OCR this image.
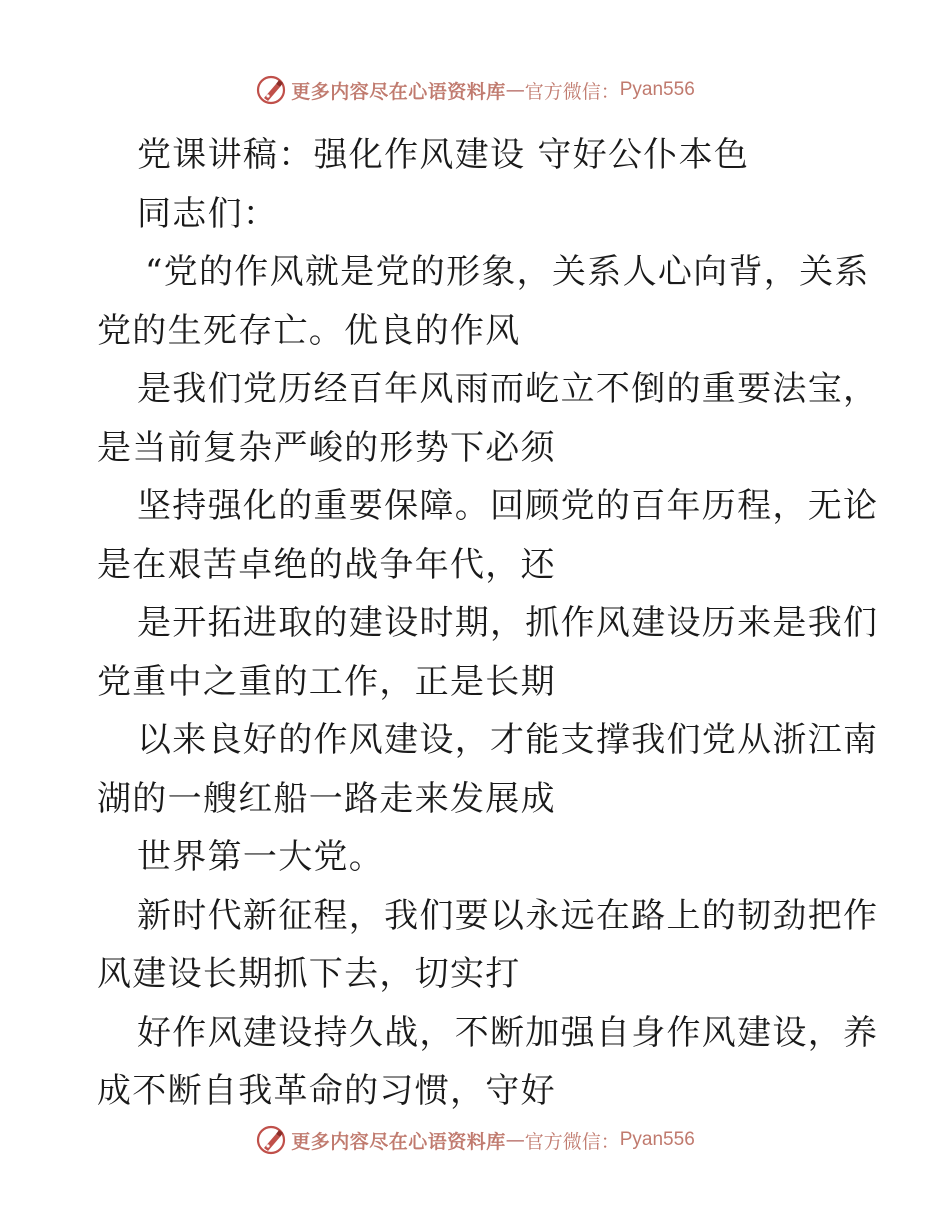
更多内容尽在心语资料库 — 官方微信： Pyan556
党课讲稿：强化作风建设 守好公仆本色
同志们：
“党的作风就是党的形象，关系人心向背，关系
党的生死存亡。优良的作风
是我们党历经百年风雨而屹立不倒的重要法宝，
是当前复杂严峻的形势下必须
坚持强化的重要保障。回顾党的百年历程，无论
是在艰苦卓绝的战争年代，还
是开拓进取的建设时期，抓作风建设历来是我们
党重中之重的工作，正是长期
以来良好的作风建设，才能支撑我们党从浙江南
湖的一艘红船一路走来发展成
世界第一大党。
新时代新征程，我们要以永远在路上的韧劲把作
风建设长期抓下去，切实打
好作风建设持久战，不断加强自身作风建设，养
成不断自我革命的习惯，守好
更多内容尽在心语资料库 — 官方微信： Pyan556
